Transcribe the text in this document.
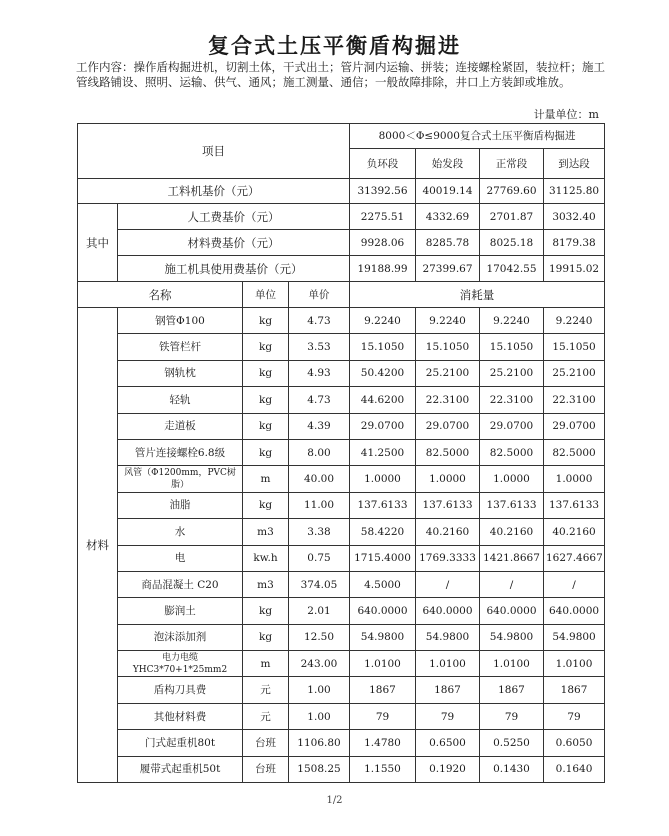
复合式土压平衡盾构掘进
工作内容：操作盾构掘进机，切割土体，干式出土；管片洞内运输、拼装；连接螺栓紧固，装拉杆；施工管线路铺设、照明、运输、供气、通风；施工测量、通信；一般故障排除，井口上方装卸或堆放。
计量单位：m
项目				8000＜Φ≤9000复合式土压平衡盾构掘进			
				负环段	始发段	正常段	到达段
工料机基价（元）				31392.56	40019.14	27769.60	31125.80
其中	人工费基价（元）			2275.51	4332.69	2701.87	3032.40
	材料费基价（元）			9928.06	8285.78	8025.18	8179.38
	施工机具使用费基价（元）			19188.99	27399.67	17042.55	19915.02
名称		单位	单价	消耗量			
材料	钢管Φ100	kg	4.73	9.2240	9.2240	9.2240	9.2240
	铁管栏杆	kg	3.53	15.1050	15.1050	15.1050	15.1050
	钢轨枕	kg	4.93	50.4200	25.2100	25.2100	25.2100
	轻轨	kg	4.73	44.6200	22.3100	22.3100	22.3100
	走道板	kg	4.39	29.0700	29.0700	29.0700	29.0700
	管片连接螺栓6.8级	kg	8.00	41.2500	82.5000	82.5000	82.5000
	风管（Φ1200mm，PVC树脂）	m	40.00	1.0000	1.0000	1.0000	1.0000
	油脂	kg	11.00	137.6133	137.6133	137.6133	137.6133
	水	m3	3.38	58.4220	40.2160	40.2160	40.2160
	电	kw.h	0.75	1715.4000	1769.3333	1421.8667	1627.4667
	商品混凝土 C20	m3	374.05	4.5000	/	/	/
	膨润土	kg	2.01	640.0000	640.0000	640.0000	640.0000
	泡沫添加剂	kg	12.50	54.9800	54.9800	54.9800	54.9800
	电力电缆 YHC3*70+1*25mm2	m	243.00	1.0100	1.0100	1.0100	1.0100
	盾构刀具费	元	1.00	1867	1867	1867	1867
	其他材料费	元	1.00	79	79	79	79
	门式起重机80t	台班	1106.80	1.4780	0.6500	0.5250	0.6050
	履带式起重机50t	台班	1508.25	1.1550	0.1920	0.1430	0.1640
1/2
